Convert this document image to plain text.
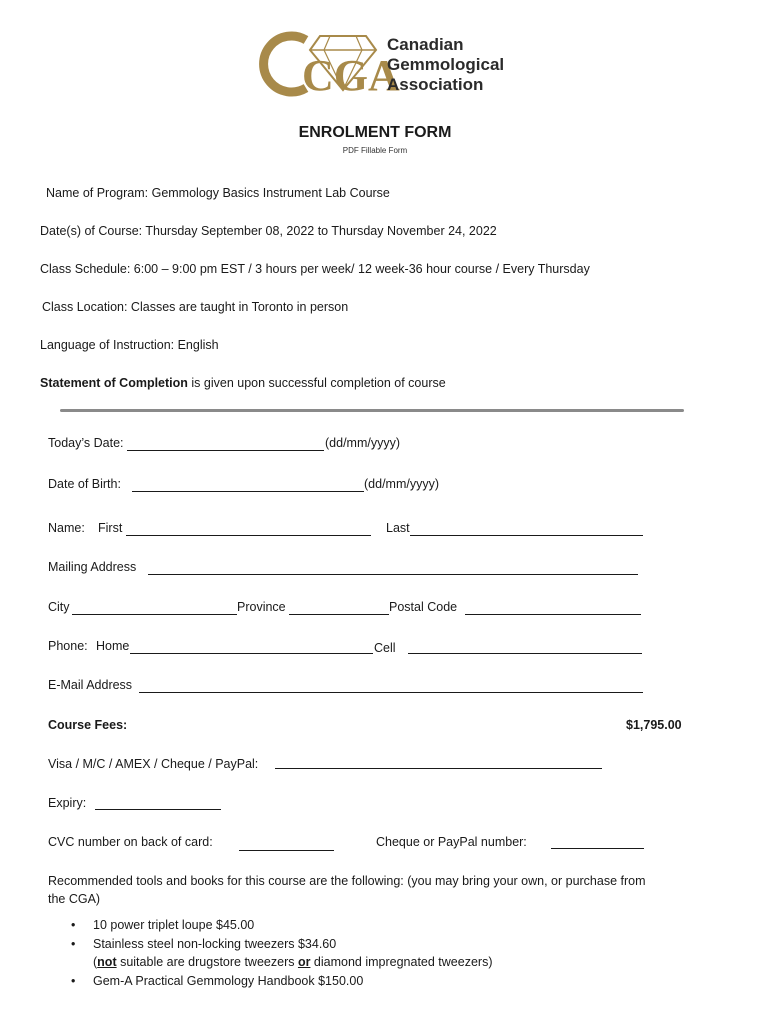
CGA
Canadian
Gemmological
Association
ENROLMENT FORM
PDF Fillable Form
Name of Program: Gemmology Basics Instrument Lab Course
Date(s) of Course: Thursday September 08, 2022 to Thursday November 24, 2022
Class Schedule: 6:00 – 9:00 pm EST / 3 hours per week/ 12 week-36 hour course / Every Thursday
Class Location: Classes are taught in Toronto in person
Language of Instruction: English
Statement of Completion is given upon successful completion of course
Today’s Date:	(dd/mm/yyyy)
Date of Birth:	(dd/mm/yyyy)
Name: First	Last
Mailing Address
City	Province	Postal Code
Phone: Home	Cell
E-Mail Address
Course Fees:	$1,795.00
Visa / M/C / AMEX / Cheque / PayPal:
Expiry:
CVC number on back of card:	Cheque or PayPal number:
Recommended tools and books for this course are the following: (you may bring your own, or purchase from
the CGA)
• 10 power triplet loupe $45.00
• Stainless steel non-locking tweezers $34.60
(not suitable are drugstore tweezers or diamond impregnated tweezers)
• Gem-A Practical Gemmology Handbook $150.00
